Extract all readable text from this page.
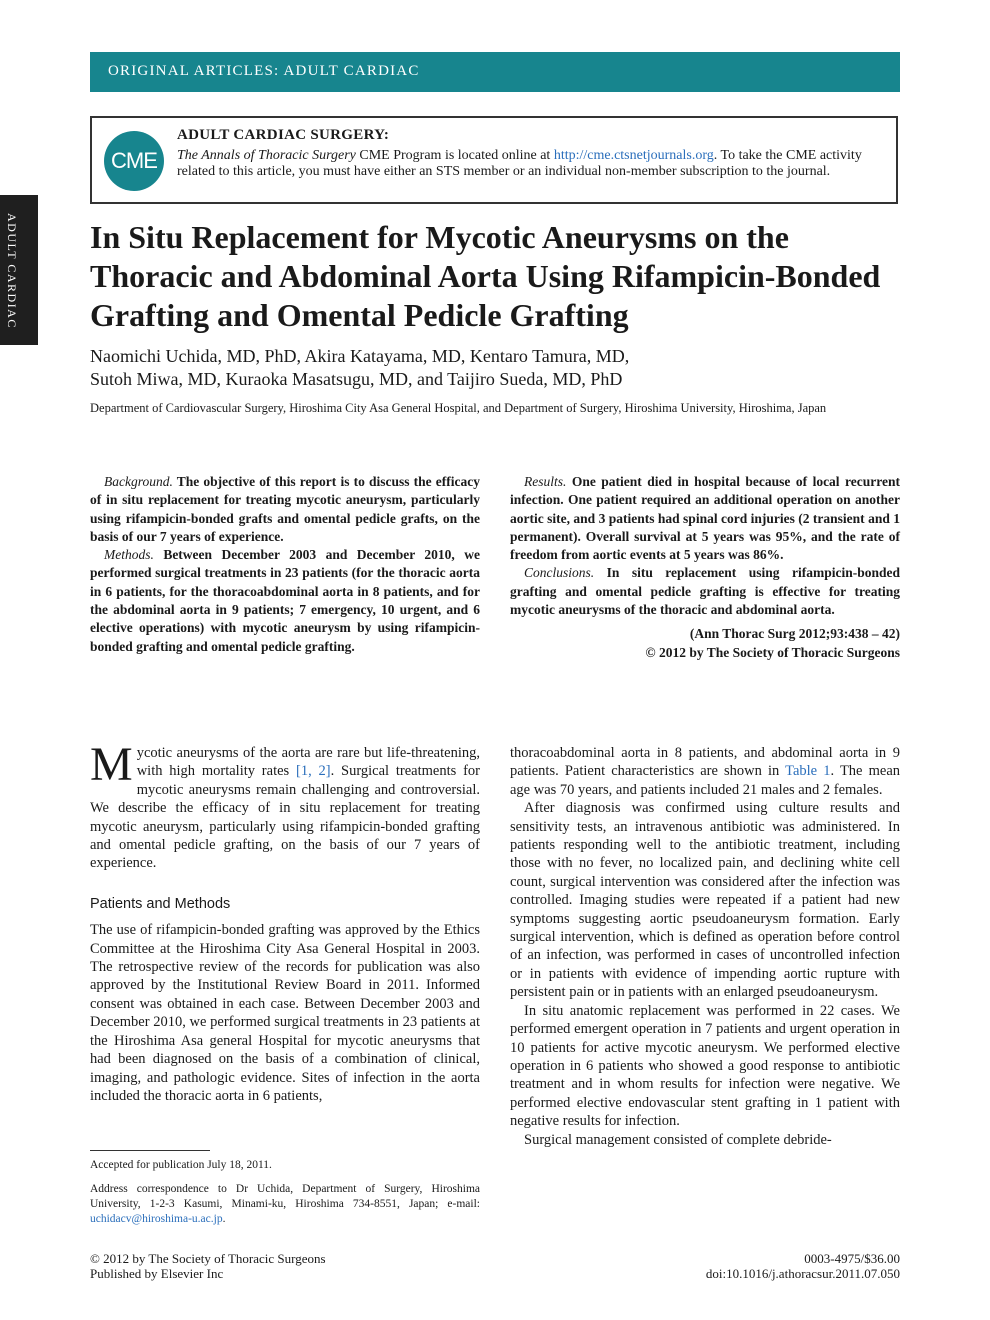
ORIGINAL ARTICLES: ADULT CARDIAC
ADULT CARDIAC
CME
ADULT CARDIAC SURGERY:
The Annals of Thoracic Surgery CME Program is located online at http://cme.ctsnetjournals.org. To take the CME activity related to this article, you must have either an STS member or an individual non-member subscription to the journal.
In Situ Replacement for Mycotic Aneurysms on the Thoracic and Abdominal Aorta Using Rifampicin-Bonded Grafting and Omental Pedicle Grafting
Naomichi Uchida, MD, PhD, Akira Katayama, MD, Kentaro Tamura, MD,
Sutoh Miwa, MD, Kuraoka Masatsugu, MD, and Taijiro Sueda, MD, PhD
Department of Cardiovascular Surgery, Hiroshima City Asa General Hospital, and Department of Surgery, Hiroshima University, Hiroshima, Japan

Background. The objective of this report is to discuss the efficacy of in situ replacement for treating mycotic aneurysm, particularly using rifampicin-bonded grafts and omental pedicle grafts, on the basis of our 7 years of experience.

Methods. Between December 2003 and December 2010, we performed surgical treatments in 23 patients (for the thoracic aorta in 6 patients, for the thoracoabdominal aorta in 8 patients, and for the abdominal aorta in 9 patients; 7 emergency, 10 urgent, and 6 elective operations) with mycotic aneurysm by using rifampicin-bonded grafting and omental pedicle grafting.

Results. One patient died in hospital because of local recurrent infection. One patient required an additional operation on another aortic site, and 3 patients had spinal cord injuries (2 transient and 1 permanent). Overall survival at 5 years was 95%, and the rate of freedom from aortic events at 5 years was 86%.

Conclusions. In situ replacement using rifampicin-bonded grafting and omental pedicle grafting is effective for treating mycotic aneurysms of the thoracic and abdominal aorta.

(Ann Thorac Surg 2012;93:438 – 42)
© 2012 by The Society of Thoracic Surgeons
Mycotic aneurysms of the aorta are rare but life-threatening, with high mortality rates [1, 2]. Surgical treatments for mycotic aneurysms remain challenging and controversial. We describe the efficacy of in situ replacement for treating mycotic aneurysm, particularly using rifampicin-bonded grafting and omental pedicle grafting, on the basis of our 7 years of experience.
Patients and Methods
The use of rifampicin-bonded grafting was approved by the Ethics Committee at the Hiroshima City Asa General Hospital in 2003. The retrospective review of the records for publication was also approved by the Institutional Review Board in 2011. Informed consent was obtained in each case. Between December 2003 and December 2010, we performed surgical treatments in 23 patients at the Hiroshima Asa general Hospital for mycotic aneurysms that had been diagnosed on the basis of a combination of clinical, imaging, and pathologic evidence. Sites of infection in the aorta included the thoracic aorta in 6 patients,
thoracoabdominal aorta in 8 patients, and abdominal aorta in 9 patients. Patient characteristics are shown in Table 1. The mean age was 70 years, and patients included 21 males and 2 females.

After diagnosis was confirmed using culture results and sensitivity tests, an intravenous antibiotic was administered. In patients responding well to the antibiotic treatment, including those with no fever, no localized pain, and declining white cell count, surgical intervention was considered after the infection was controlled. Imaging studies were repeated if a patient had new symptoms suggesting aortic pseudoaneurysm formation. Early surgical intervention, which is defined as operation before control of an infection, was performed in cases of uncontrolled infection or in patients with evidence of impending aortic rupture with persistent pain or in patients with an enlarged pseudoaneurysm.

In situ anatomic replacement was performed in 22 cases. We performed emergent operation in 7 patients and urgent operation in 10 patients for active mycotic aneurysm. We performed elective operation in 6 patients who showed a good response to antibiotic treatment and in whom results for infection were negative. We performed elective endovascular stent grafting in 1 patient with negative results for infection.

Surgical management consisted of complete debride-

Accepted for publication July 18, 2011.
Address correspondence to Dr Uchida, Department of Surgery, Hiroshima University, 1-2-3 Kasumi, Minami-ku, Hiroshima 734-8551, Japan; e-mail: uchidacv@hiroshima-u.ac.jp.
© 2012 by The Society of Thoracic Surgeons
Published by Elsevier Inc
0003-4975/$36.00
doi:10.1016/j.athoracsur.2011.07.050
